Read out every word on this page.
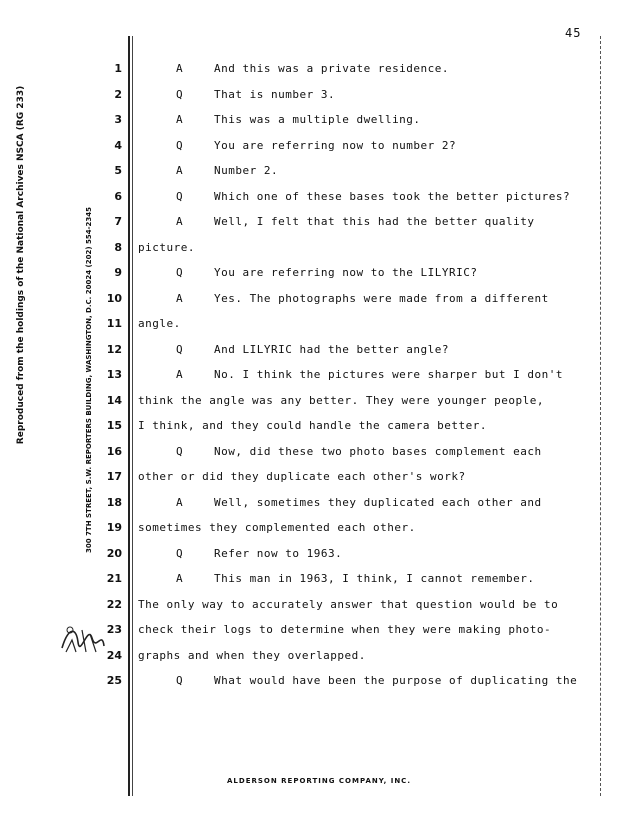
45
Reproduced from the holdings of the National Archives NSCA (RG 233)	300 7TH STREET, S.W. REPORTERS BUILDING, WASHINGTON, D.C. 20024 (202) 554-2345
1	A	And this was a private residence.
2	Q	That is number 3.
3	A	This was a multiple dwelling.
4	Q	You are referring now to number 2?
5	A	Number 2.
6	Q	Which one of these bases took the better pictures?
7	A	Well, I felt that this had the better quality
8 picture.
9	Q	You are referring now to the LILYRIC?
10	A	Yes. The photographs were made from a different
11 angle.
12	Q	And LILYRIC had the better angle?
13	A	No. I think the pictures were sharper but I don't
14 think the angle was any better. They were younger people,
15 I think, and they could handle the camera better.
16	Q	Now, did these two photo bases complement each
17 other or did they duplicate each other's work?
18	A	Well, sometimes they duplicated each other and
19 sometimes they complemented each other.
20	Q	Refer now to 1963.
21	A	This man in 1963, I think, I cannot remember.
22 The only way to accurately answer that question would be to
23 check their logs to determine when they were making photo-
24 graphs and when they overlapped.
25	Q	What would have been the purpose of duplicating the
ALDERSON REPORTING COMPANY, INC.
